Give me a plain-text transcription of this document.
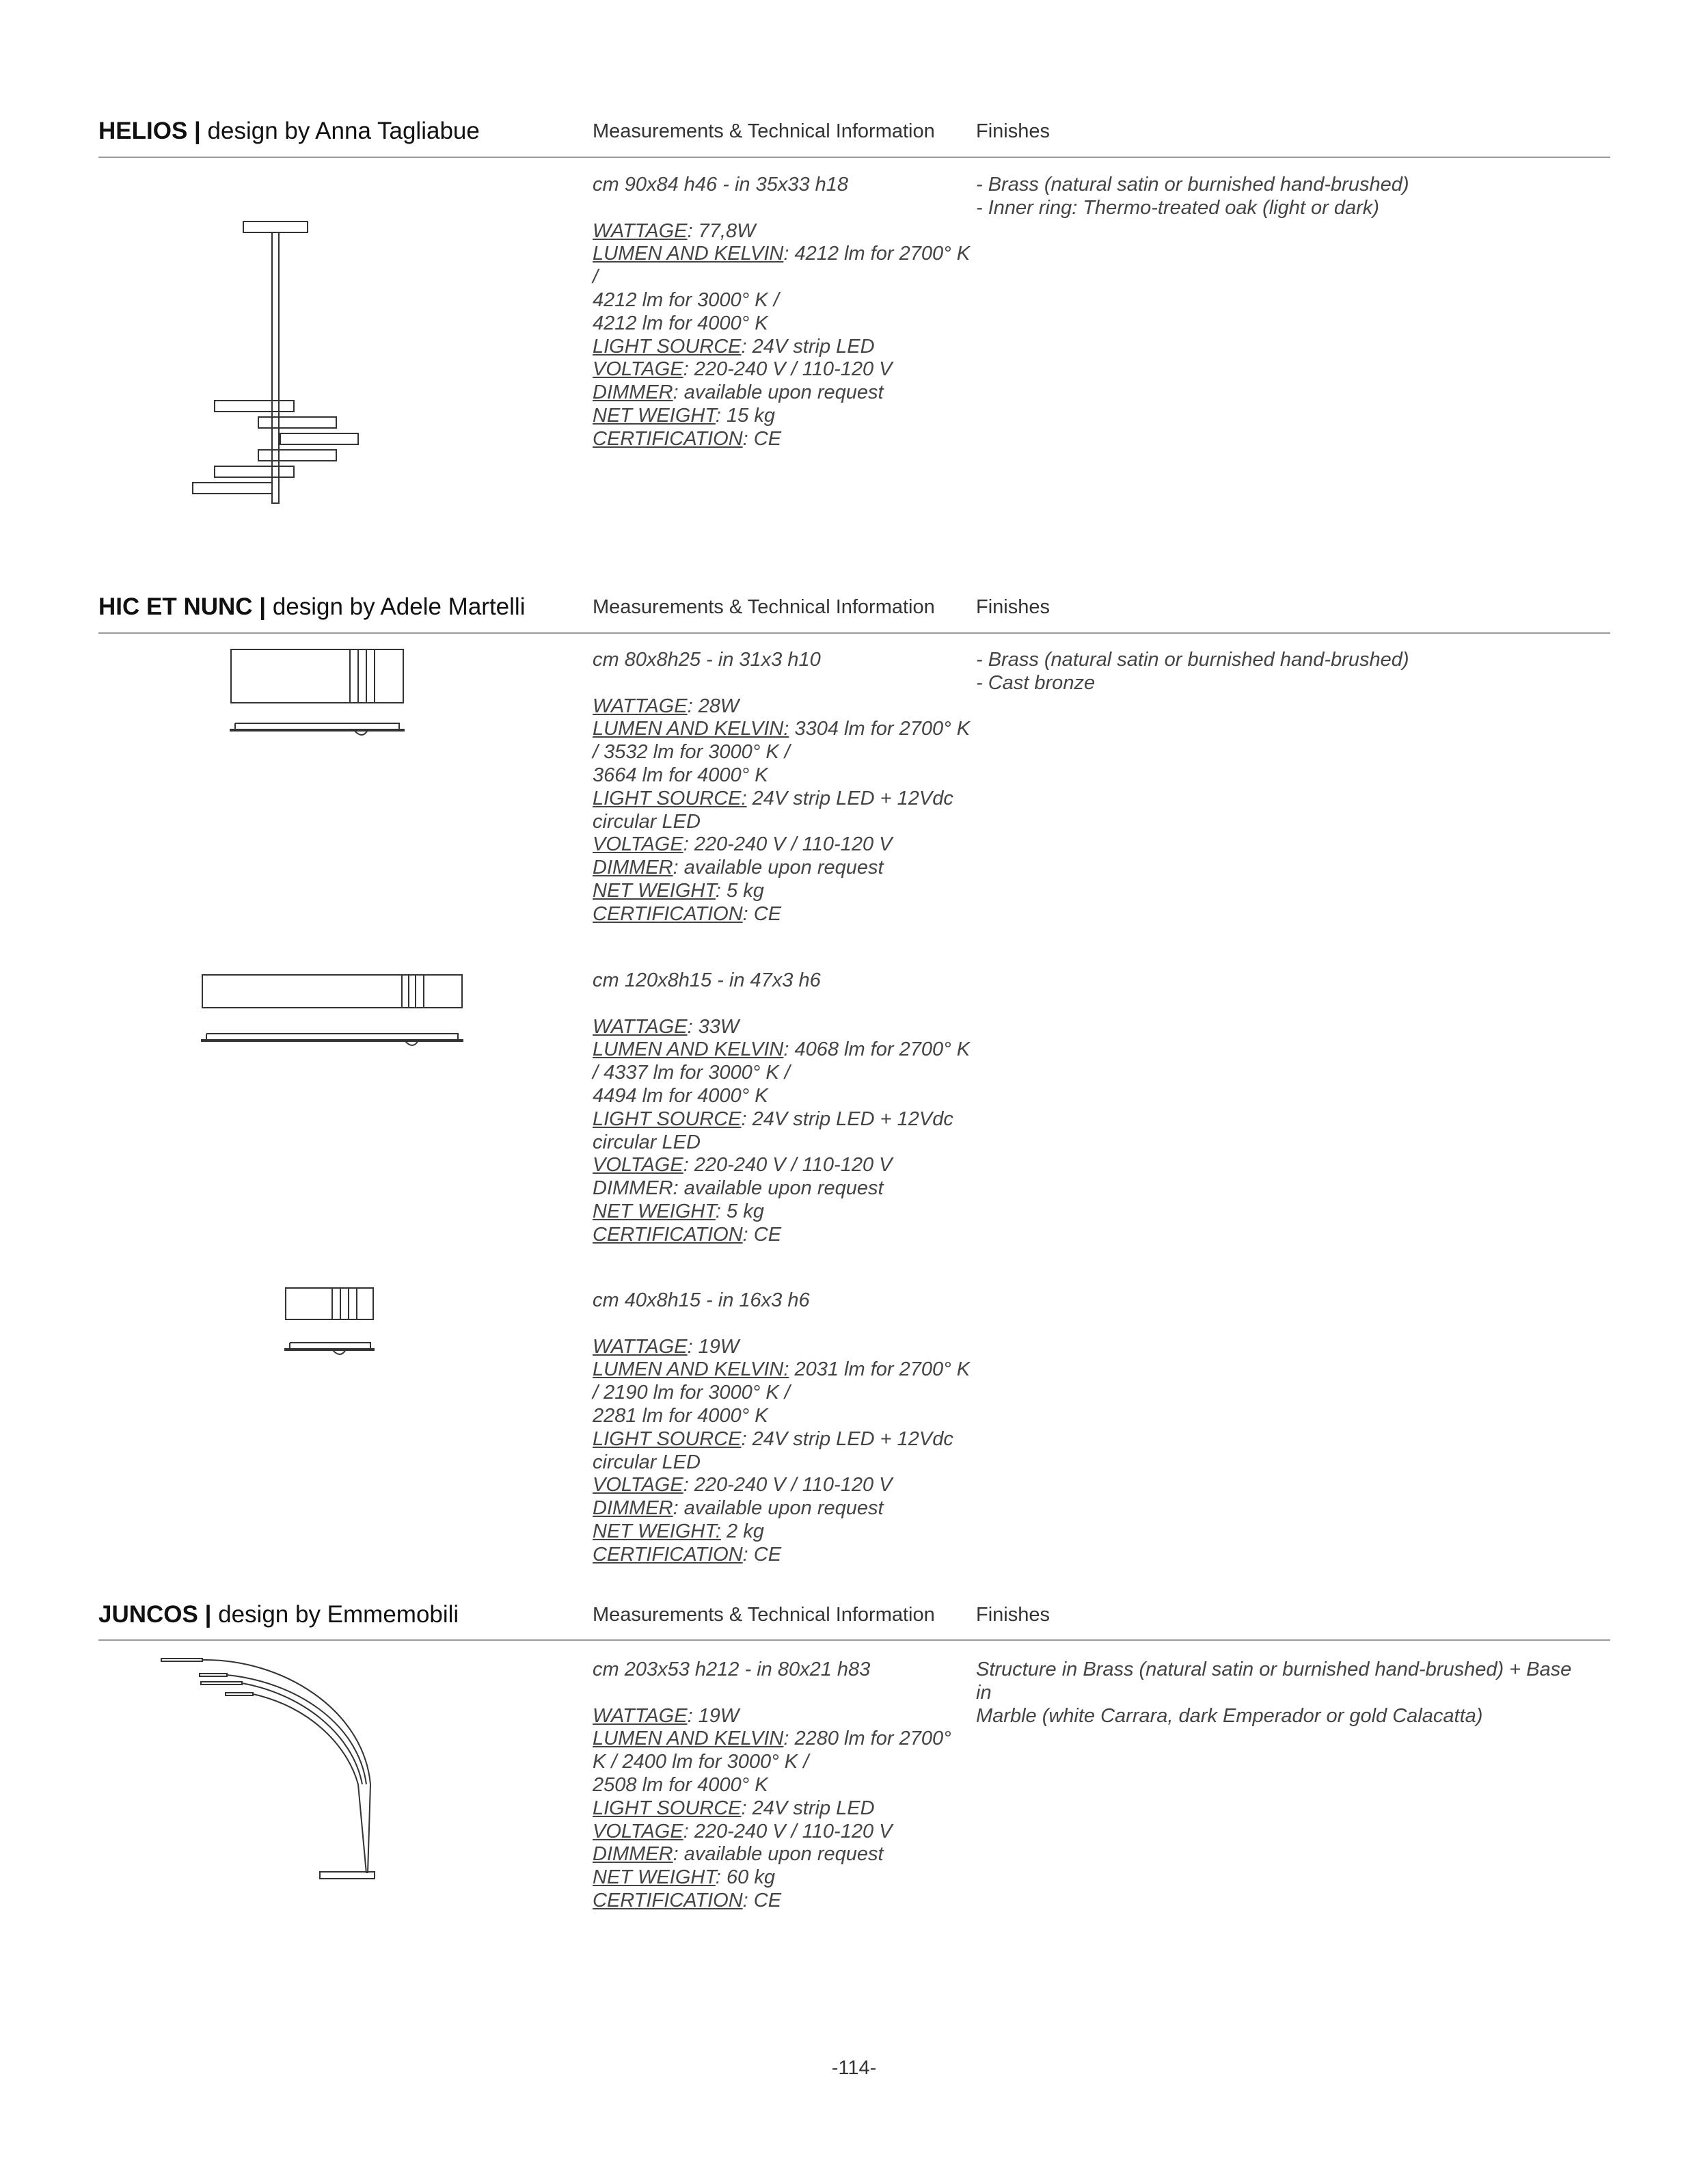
HELIOS | design by Anna Tagliabue	Measurements & Technical Information Finishes
cm 90x84 h46 - in 35x33 h18
WATTAGE: 77,8W
LUMEN AND KELVIN: 4212 lm for 2700° K /
4212 lm for 3000° K /
4212 lm for 4000° K
LIGHT SOURCE: 24V strip LED
VOLTAGE: 220-240 V / 110-120 V
DIMMER: available upon request
NET WEIGHT: 15 kg
CERTIFICATION: CE
- Brass (natural satin or burnished hand-brushed)
- Inner ring: Thermo-treated oak (light or dark)
HIC ET NUNC | design by Adele Martelli	Measurements & Technical Information Finishes
cm 80x8h25 - in 31x3 h10
WATTAGE: 28W
LUMEN AND KELVIN: 3304 lm for 2700° K
/ 3532 lm for 3000° K /
3664 lm for 4000° K
LIGHT SOURCE: 24V strip LED + 12Vdc
circular LED
VOLTAGE: 220-240 V / 110-120 V
DIMMER: available upon request
NET WEIGHT: 5 kg
CERTIFICATION: CE
- Brass (natural satin or burnished hand-brushed)
- Cast bronze
cm 120x8h15 - in 47x3 h6
WATTAGE: 33W
LUMEN AND KELVIN: 4068 lm for 2700° K
/ 4337 lm for 3000° K /
4494 lm for 4000° K
LIGHT SOURCE: 24V strip LED + 12Vdc
circular LED
VOLTAGE: 220-240 V / 110-120 V
DIMMER: available upon request
NET WEIGHT: 5 kg
CERTIFICATION: CE
cm 40x8h15 - in 16x3 h6
WATTAGE: 19W
LUMEN AND KELVIN: 2031 lm for 2700° K
/ 2190 lm for 3000° K /
2281 lm for 4000° K
LIGHT SOURCE: 24V strip LED + 12Vdc
circular LED
VOLTAGE: 220-240 V / 110-120 V
DIMMER: available upon request
NET WEIGHT: 2 kg
CERTIFICATION: CE
JUNCOS | design by Emmemobili	Measurements & Technical Information Finishes
cm 203x53 h212 - in 80x21 h83
WATTAGE: 19W
LUMEN AND KELVIN: 2280 lm for 2700°
K / 2400 lm for 3000° K /
2508 lm for 4000° K
LIGHT SOURCE: 24V strip LED
VOLTAGE: 220-240 V / 110-120 V
DIMMER: available upon request
NET WEIGHT: 60 kg
CERTIFICATION: CE
Structure in Brass (natural satin or burnished hand-brushed) + Base in
Marble (white Carrara, dark Emperador or gold Calacatta)
-114-
